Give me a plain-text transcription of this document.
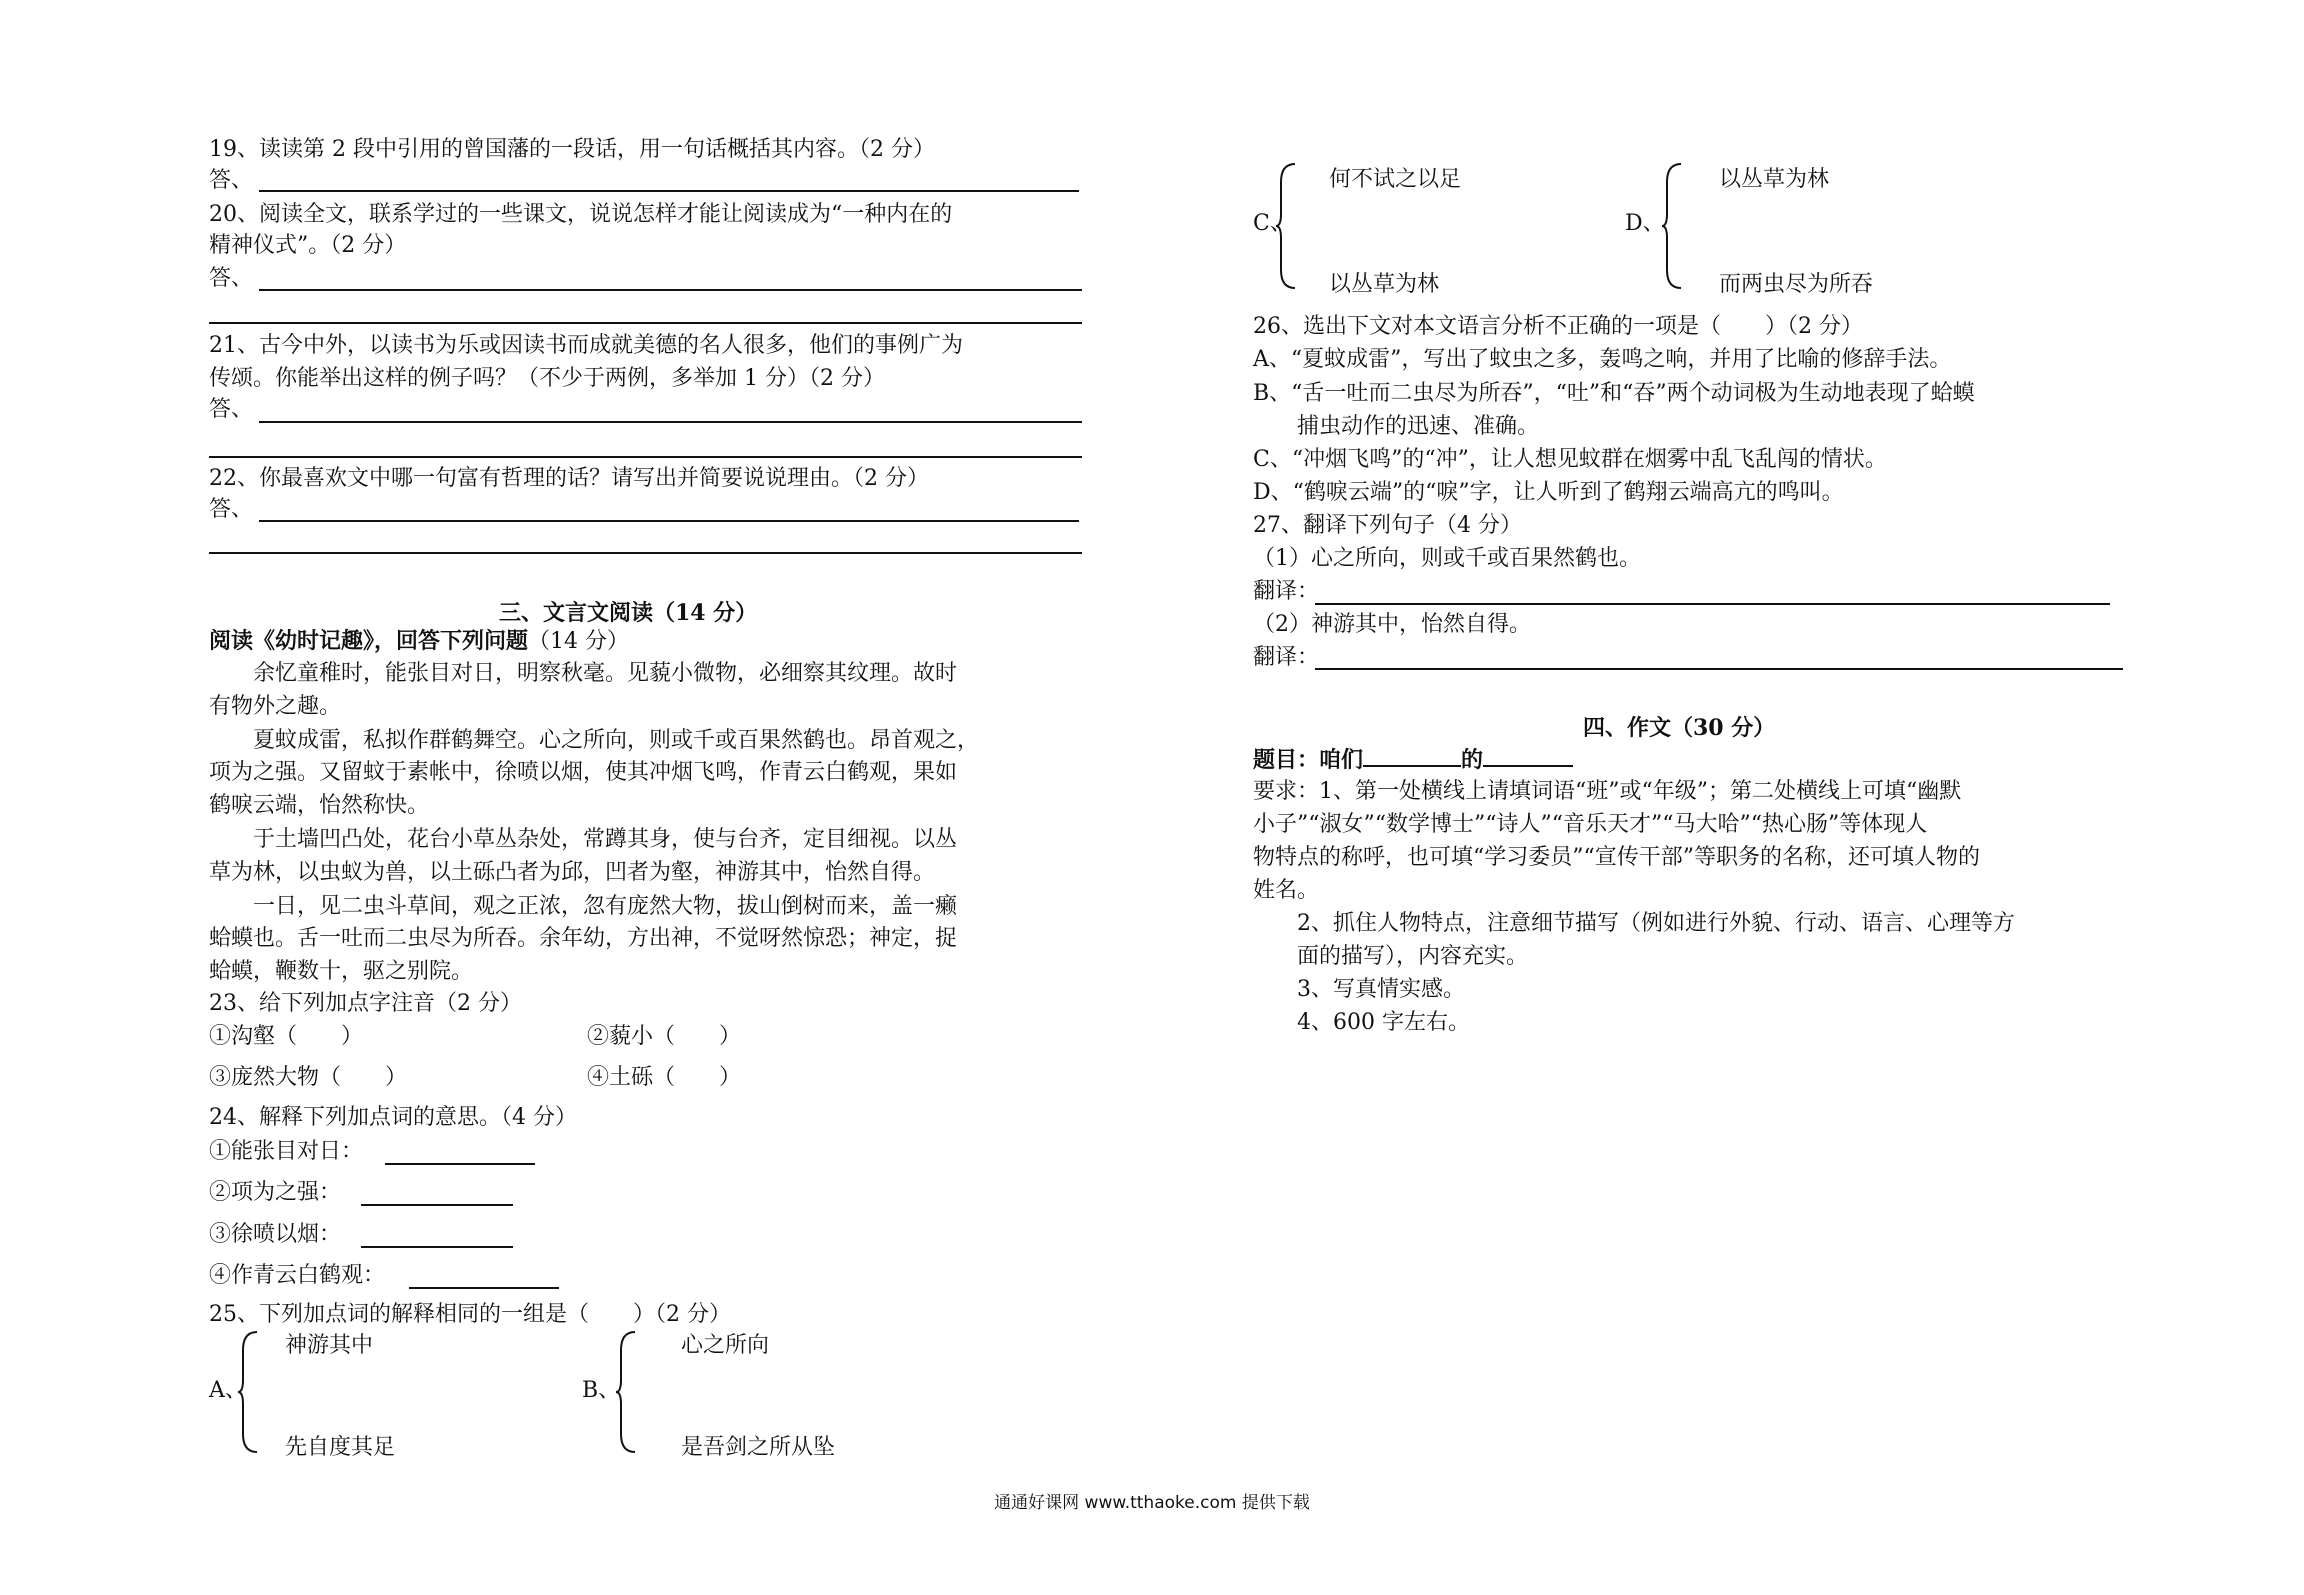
19、读读第 2 段中引用的曾国藩的一段话，用一句话概括其内容。（2 分）
答、
20、阅读全文，联系学过的一些课文，说说怎样才能让阅读成为“一种内在的
精神仪式”。（2 分）
答、
21、古今中外，以读书为乐或因读书而成就美德的名人很多，他们的事例广为
传颂。你能举出这样的例子吗？（不少于两例，多举加 1 分）（2 分）
答、
22、你最喜欢文中哪一句富有哲理的话？请写出并简要说说理由。（2 分）
答、
三、文言文阅读（14 分）
阅读《幼时记趣》，回答下列问题（14 分）
余忆童稚时，能张目对日，明察秋毫。见藐小微物，必细察其纹理。故时
有物外之趣。
夏蚊成雷，私拟作群鹤舞空。心之所向，则或千或百果然鹤也。昂首观之，
项为之强。又留蚊于素帐中，徐喷以烟，使其冲烟飞鸣，作青云白鹤观，果如
鹤唳云端，怡然称快。
于土墙凹凸处，花台小草丛杂处，常蹲其身，使与台齐，定目细视。以丛
草为林，以虫蚁为兽，以土砾凸者为邱，凹者为壑，神游其中，怡然自得。
一日，见二虫斗草间，观之正浓，忽有庞然大物，拔山倒树而来，盖一癞
蛤蟆也。舌一吐而二虫尽为所吞。余年幼，方出神，不觉呀然惊恐；神定，捉
蛤蟆，鞭数十，驱之别院。
23、给下列加点字注音（2 分）
①沟壑（　　）	②藐小（　　）
③庞然大物（　　）	④土砾（　　）
24、解释下列加点词的意思。（4 分）
①能张目对日：
②项为之强：
③徐喷以烟：
④作青云白鹤观：
25、下列加点词的解释相同的一组是（　　）（2 分）
A、
神游其中
先自度其足
B、
心之所向
是吾剑之所从坠
C、
何不试之以足
以丛草为林
D、
以丛草为林
而两虫尽为所吞
26、选出下文对本文语言分析不正确的一项是（　　）（2 分）
A、“夏蚊成雷”，写出了蚊虫之多，轰鸣之响，并用了比喻的修辞手法。
B、“舌一吐而二虫尽为所吞”，“吐”和“吞”两个动词极为生动地表现了蛤蟆
捕虫动作的迅速、准确。
C、“冲烟飞鸣”的“冲”，让人想见蚊群在烟雾中乱飞乱闯的情状。
D、“鹤唳云端”的“唳”字，让人听到了鹤翔云端高亢的鸣叫。
27、翻译下列句子（4 分）
（1）心之所向，则或千或百果然鹤也。
翻译：
（2）神游其中，怡然自得。
翻译：
四、作文（30 分）
题目：咱们	的
要求：1、第一处横线上请填词语“班”或“年级”；第二处横线上可填“幽默
小子”“淑女”“数学博士”“诗人”“音乐天才”“马大哈”“热心肠”等体现人
物特点的称呼，也可填“学习委员”“宣传干部”等职务的名称，还可填人物的
姓名。
2、抓住人物特点，注意细节描写（例如进行外貌、行动、语言、心理等方
面的描写），内容充实。
3、写真情实感。
4、600 字左右。
通通好课网 www.tthaoke.com 提供下载
